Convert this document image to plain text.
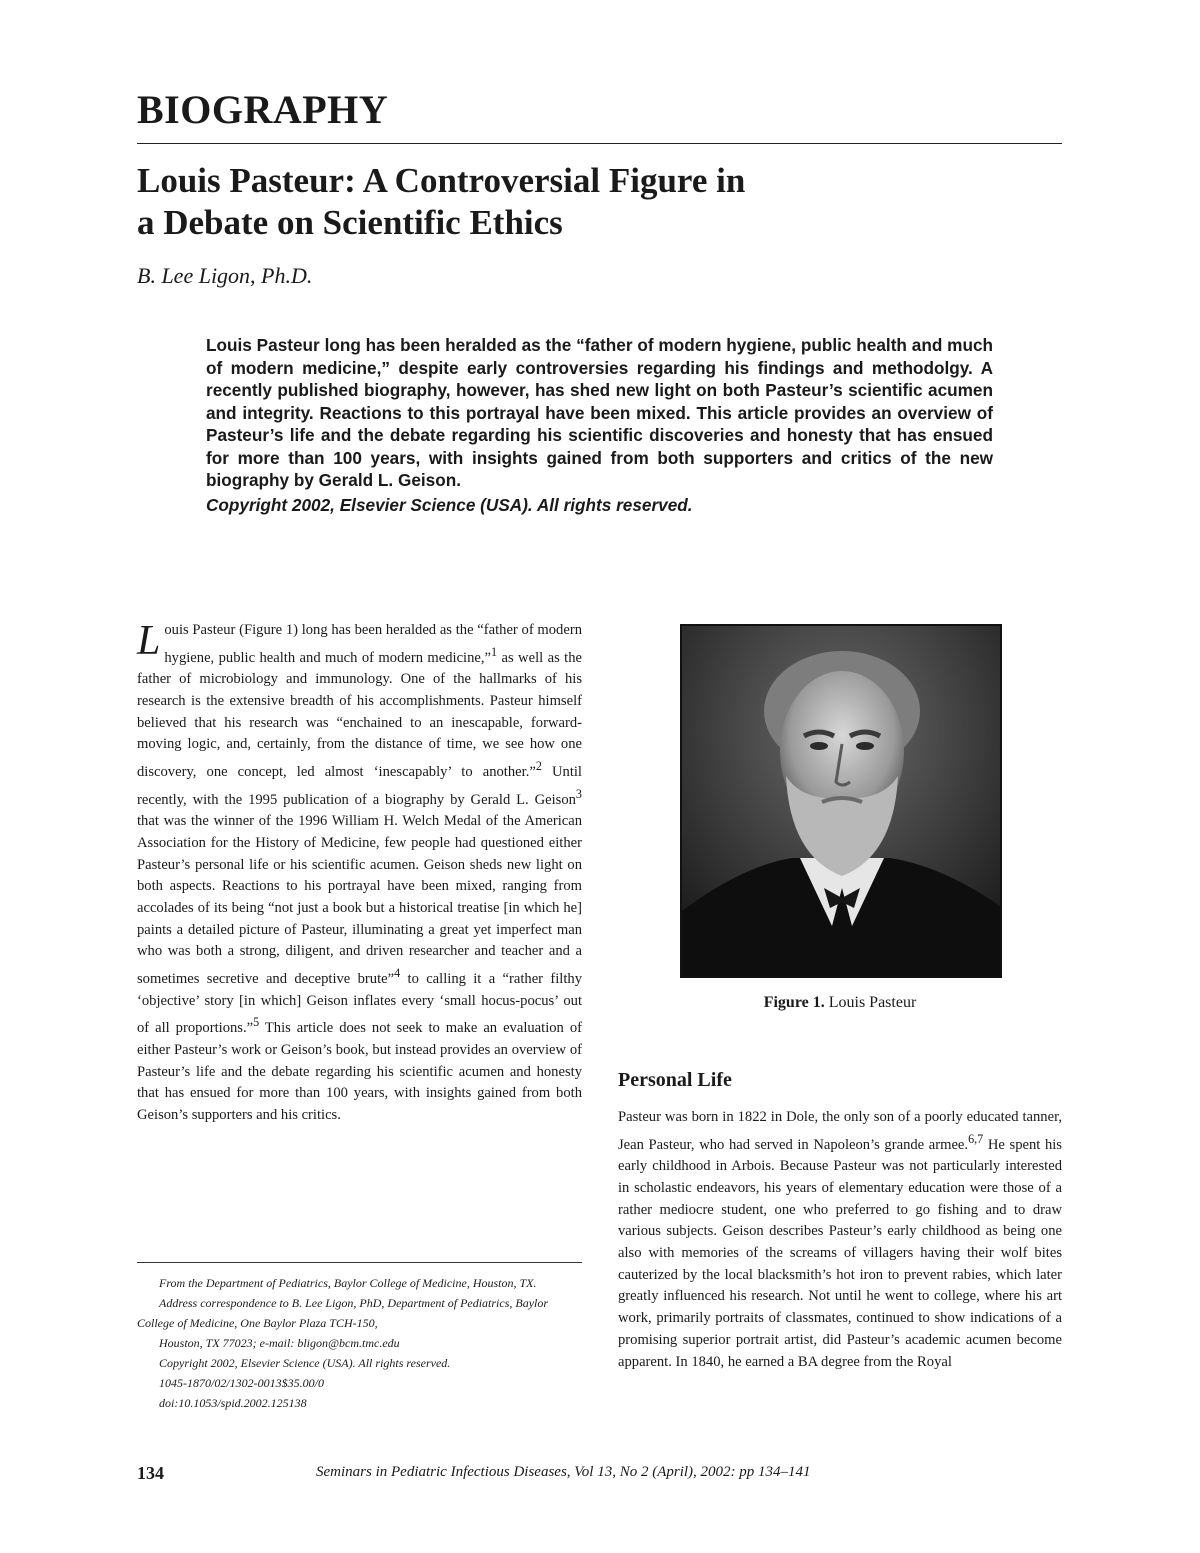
BIOGRAPHY
Louis Pasteur: A Controversial Figure in
a Debate on Scientific Ethics
B. Lee Ligon, Ph.D.

Louis Pasteur long has been heralded as the “father of modern hygiene, public health and much of modern medicine,” despite early controversies regarding his findings and methodolgy. A recently published biography, however, has shed new light on both Pasteur’s scientific acumen and integrity. Reactions to this portrayal have been mixed. This article provides an overview of Pasteur’s life and the debate regarding his scientific discoveries and honesty that has ensued for more than 100 years, with insights gained from both supporters and critics of the new biography by Gerald L. Geison.

Copyright 2002, Elsevier Science (USA). All rights reserved.

Louis Pasteur (Figure 1) long has been heralded as the “father of modern hygiene, public health and much of modern medicine,”$^1$ as well as the father of microbiology and immunology. One of the hallmarks of his research is the extensive breadth of his accomplishments. Pasteur himself believed that his research was “enchained to an inescapable, forward-moving logic, and, certainly, from the distance of time, we see how one discovery, one concept, led almost ‘inescapably’ to another.”$^2$ Until recently, with the 1995 publication of a biography by Gerald L. Geison$^3$ that was the winner of the 1996 William H. Welch Medal of the American Association for the History of Medicine, few people had questioned either Pasteur’s personal life or his scientific acumen. Geison sheds new light on both aspects. Reactions to his portrayal have been mixed, ranging from accolades of its being “not just a book but a historical treatise [in which he] paints a detailed picture of Pasteur, illuminating a great yet imperfect man who was both a strong, diligent, and driven researcher and teacher and a sometimes secretive and deceptive brute”$^4$ to calling it a “rather filthy ‘objective’ story [in which] Geison inflates every ‘small hocus-pocus’ out of all proportions.”$^5$ This article does not seek to make an evaluation of either Pasteur’s work or Geison’s book, but instead provides an overview of Pasteur’s life and the debate regarding his scientific acumen and honesty that has ensued for more than 100 years, with insights gained from both Geison’s supporters and his critics.

From the Department of Pediatrics, Baylor College of Medicine, Houston, TX.
Address correspondence to B. Lee Ligon, PhD, Department of Pediatrics, Baylor College of Medicine, One Baylor Plaza TCH-150,
Houston, TX 77023; e-mail: bligon@bcm.tmc.edu
Copyright 2002, Elsevier Science (USA). All rights reserved.
1045-1870/02/1302-0013$35.00/0
doi:10.1053/spid.2002.125138
Figure 1. Louis Pasteur
Personal Life

Pasteur was born in 1822 in Dole, the only son of a poorly educated tanner, Jean Pasteur, who had served in Napoleon’s grande armee.$^{6,7}$ He spent his early childhood in Arbois. Because Pasteur was not particularly interested in scholastic endeavors, his years of elementary education were those of a rather mediocre student, one who preferred to go fishing and to draw various subjects. Geison describes Pasteur’s early childhood as being one also with memories of the screams of villagers having their wolf bites cauterized by the local blacksmith’s hot iron to prevent rabies, which later greatly influenced his research. Not until he went to college, where his art work, primarily portraits of classmates, continued to show indications of a promising superior portrait artist, did Pasteur’s academic acumen become apparent. In 1840, he earned a BA degree from the Royal

134	Seminars in Pediatric Infectious Diseases, Vol 13, No 2 (April), 2002: pp 134–141
